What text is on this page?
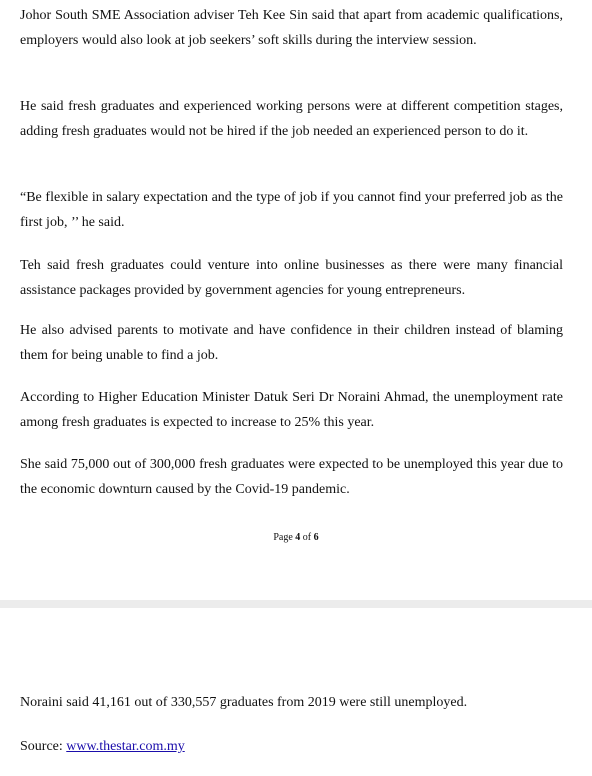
Johor South SME Association adviser Teh Kee Sin said that apart from academic qualifications, employers would also look at job seekers’ soft skills during the interview session.

He said fresh graduates and experienced working persons were at different competition stages, adding fresh graduates would not be hired if the job needed an experienced person to do it.

“Be flexible in salary expectation and the type of job if you cannot find your preferred job as the first job, ’’ he said.

Teh said fresh graduates could venture into online businesses as there were many financial assistance packages provided by government agencies for young entrepreneurs.

He also advised parents to motivate and have confidence in their children instead of blaming them for being unable to find a job.

According to Higher Education Minister Datuk Seri Dr Noraini Ahmad, the unemployment rate among fresh graduates is expected to increase to 25% this year.

She said 75,000 out of 300,000 fresh graduates were expected to be unemployed this year due to the economic downturn caused by the Covid-19 pandemic.

Page 4 of 6

Noraini said 41,161 out of 330,557 graduates from 2019 were still unemployed.

Source: www.thestar.com.my
